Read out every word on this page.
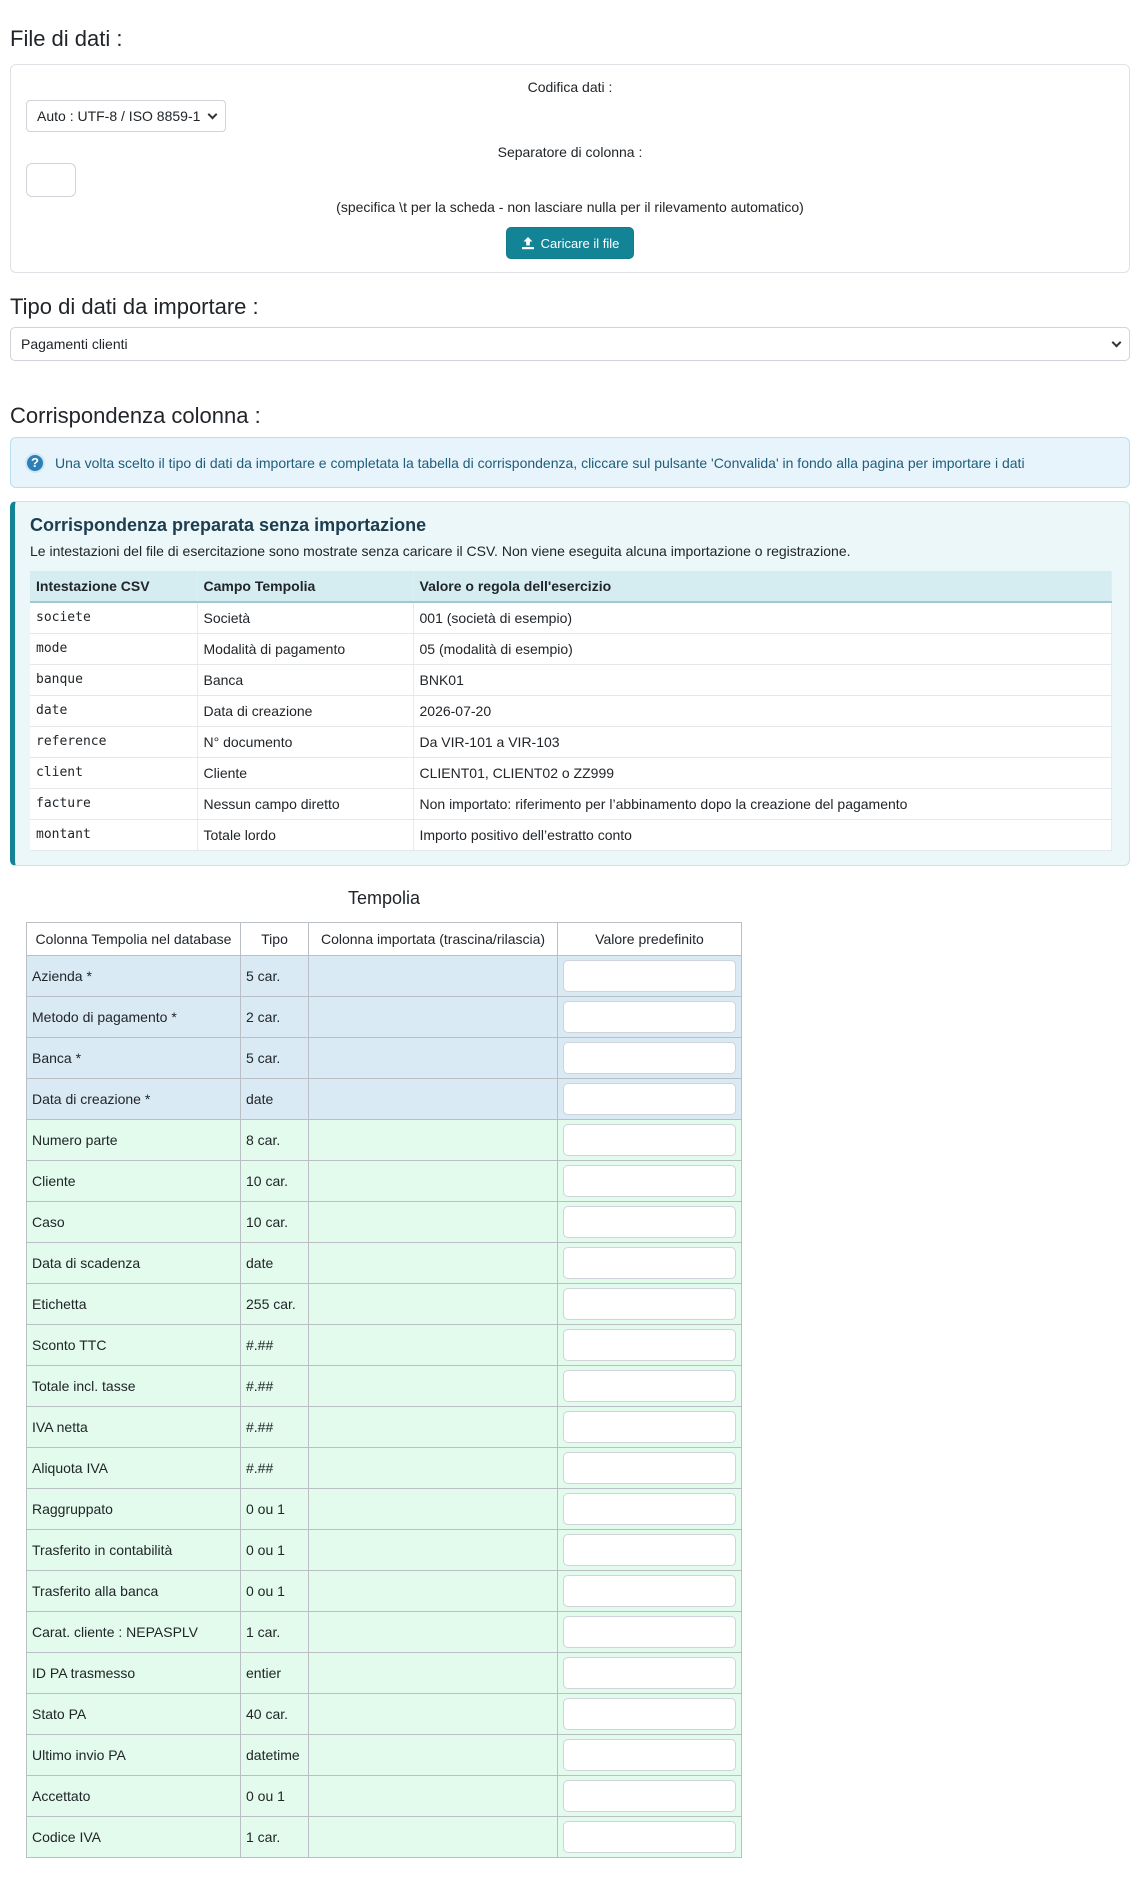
File di dati :
Codifica dati :
Auto : UTF-8 / ISO 8859-1
Separatore di colonna :
(specifica \t per la scheda - non lasciare nulla per il rilevamento automatico)
Caricare il file
Tipo di dati da importare :
Pagamenti clienti
Corrispondenza colonna :
?	Una volta scelto il tipo di dati da importare e completata la tabella di corrispondenza, cliccare sul pulsante 'Convalida' in fondo alla pagina per importare i dati
Corrispondenza preparata senza importazione
Le intestazioni del file di esercitazione sono mostrate senza caricare il CSV. Non viene eseguita alcuna importazione o registrazione.
Intestazione CSV	Campo Tempolia	Valore o regola dell'esercizio
societe	Società	001 (società di esempio)
mode	Modalità di pagamento	05 (modalità di esempio)
banque	Banca	BNK01
date	Data di creazione	2026-07-20
reference	N° documento	Da VIR-101 a VIR-103
client	Cliente	CLIENT01, CLIENT02 o ZZ999
facture	Nessun campo diretto	Non importato: riferimento per l’abbinamento dopo la creazione del pagamento
montant	Totale lordo	Importo positivo dell’estratto conto
Tempolia
Colonna Tempolia nel database	Tipo	Colonna importata (trascina/rilascia)	Valore predefinito
Azienda *	5 car.		

Metodo di pagamento *	2 car.		

Banca *	5 car.		

Data di creazione *	date		

Numero parte	8 car.		

Cliente	10 car.		

Caso	10 car.		

Data di scadenza	date		

Etichetta	255 car.		

Sconto TTC	#.##		

Totale incl. tasse	#.##		

IVA netta	#.##		

Aliquota IVA	#.##		

Raggruppato	0 ou 1		

Trasferito in contabilità	0 ou 1		

Trasferito alla banca	0 ou 1		

Carat. cliente : NEPASPLV	1 car.		

ID PA trasmesso	entier		

Stato PA	40 car.		

Ultimo invio PA	datetime		

Accettato	0 ou 1		

Codice IVA	1 car.		
